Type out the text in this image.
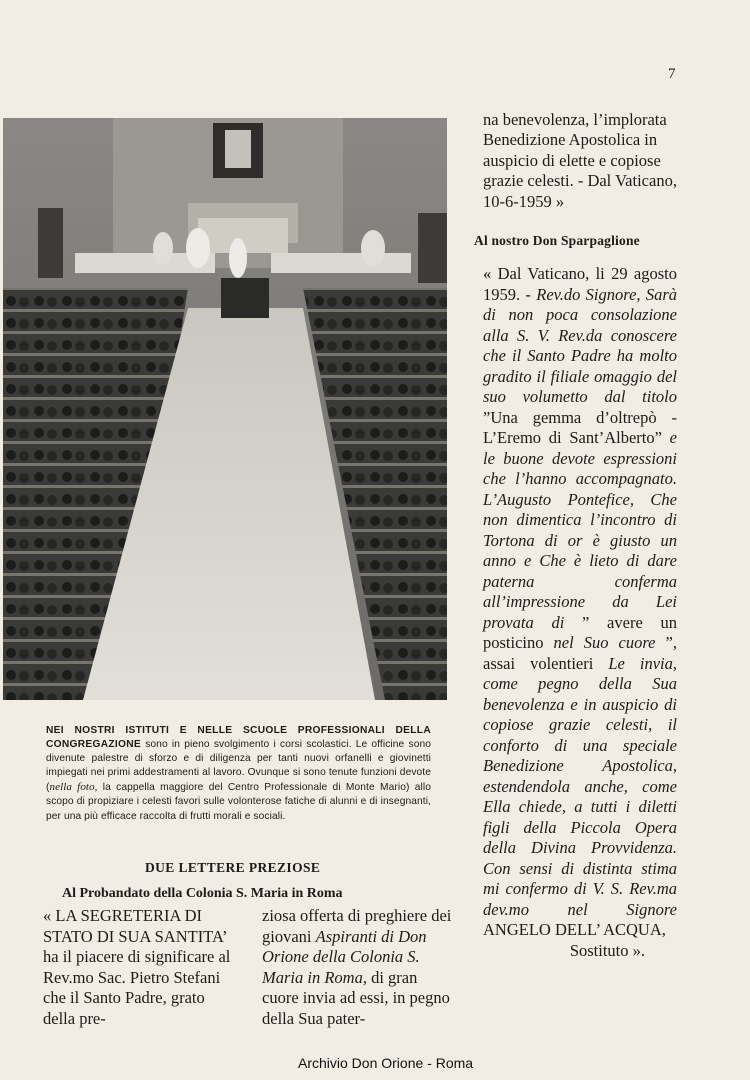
7
NEI NOSTRI ISTITUTI E NELLE SCUOLE PROFESSIONALI DELLA CONGREGAZIONE sono in pieno svolgimento i corsi scolastici. Le officine sono divenute palestre di sforzo e di diligenza per tanti nuovi orfanelli e giovinetti impiegati nei primi addestramenti al lavoro. Ovunque si sono tenute funzioni devote (nella foto, la cappella maggiore del Centro Professionale di Monte Mario) allo scopo di propiziare i celesti favori sulle volonterose fatiche di alunni e di insegnanti, per una più efficace raccolta di frutti morali e sociali.
DUE LETTERE PREZIOSE
Al Probandato della Colonia S. Maria in Roma
« LA SEGRETERIA DI STATO DI SUA SANTITA’ ha il piacere di significare al Rev.mo Sac. Pietro Stefani che il Santo Padre, grato della pre-
ziosa offerta di preghiere dei giovani Aspiranti di Don Orione della Colonia S. Maria in Roma, di gran cuore invia ad essi, in pegno della Sua pater-
na benevolenza, l’implorata Benedizione Apostolica in auspicio di elette e copiose grazie celesti. - Dal Vaticano, 10-6-1959 »
Al nostro Don Sparpaglione
« Dal Vaticano, li 29 agosto 1959. - Rev.do Signore, Sarà di non poca consolazione alla S. V. Rev.da conoscere che il Santo Padre ha molto gradito il filiale omaggio del suo volumetto dal titolo ”Una gemma d’oltrepò - L’Eremo di Sant’Alberto” e le buone devote espressioni che l’hanno accompagnato. L’Augusto Pontefice, Che non dimentica l’incontro di Tortona di or è giusto un anno e Che è lieto di dare paterna conferma all’impressione da Lei provata di ” avere un posticino nel Suo cuore ”, assai volentieri Le invia, come pegno della Sua benevolenza e in auspicio di copiose grazie celesti, il conforto di una speciale Benedizione Apostolica, estendendola anche, come Ella chiede, a tutti i diletti figli della Piccola Opera della Divina Provvidenza. Con sensi di distinta stima mi confermo di V. S. Rev.ma dev.mo nel Signore ANGELO DELL’ ACQUA,
Sostituto ».
Archivio Don Orione - Roma
